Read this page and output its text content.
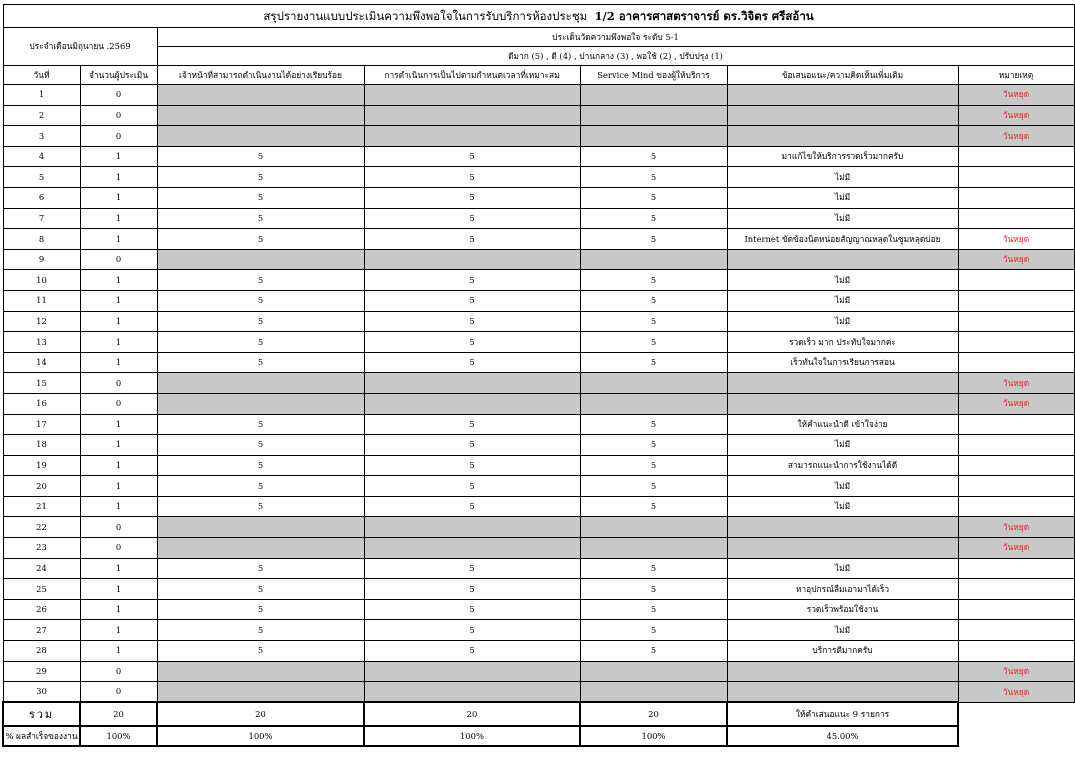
สรุปรายงานแบบประเมินความพึงพอใจในการรับบริการห้องประชุม 1/2 อาคารศาสตราจารย์ ดร.วิจิตร ศรีสอ้าน						
ประจำเดือนมิถุนายน .2569		ประเด็นวัดความพึงพอใจ ระดับ 5-1				
		ดีมาก (5) , ดี (4) , ปานกลาง (3) , พอใช้ (2) , ปรับปรุง (1)				
วันที่	จำนวนผู้ประเมิน	เจ้าหน้าที่สามารถดำเนินงานได้อย่างเรียบร้อย	การดำเนินการเป็นไปตามกำหนดเวลาที่เหมาะสม	Service Mind ของผู้ให้บริการ	ข้อเสนอแนะ/ความคิดเห็นเพิ่มเติม	หมายเหตุ
1	0					วันหยุด
2	0					วันหยุด
3	0					วันหยุด
4	1	5	5	5	มาแก้ไขให้บริการรวดเร็วมากครับ	
5	1	5	5	5	ไม่มี	
6	1	5	5	5	ไม่มี	
7	1	5	5	5	ไม่มี	
8	1	5	5	5	Internet ขัดข้องนิดหน่อยสัญญาณหลุดในซูมหลุดบ่อย	วันหยุด
9	0					วันหยุด
10	1	5	5	5	ไม่มี	
11	1	5	5	5	ไม่มี	
12	1	5	5	5	ไม่มี	
13	1	5	5	5	รวดเร็ว มาก ประทับใจมากค่ะ	
14	1	5	5	5	เร็วทันใจในการเรียนการสอน	
15	0					วันหยุด
16	0					วันหยุด
17	1	5	5	5	ให้คำแนะนำดี เข้าใจง่าย	
18	1	5	5	5	ไม่มี	
19	1	5	5	5	สามารถแนะนำการใช้งานได้ดี	
20	1	5	5	5	ไม่มี	
21	1	5	5	5	ไม่มี	
22	0					วันหยุด
23	0					วันหยุด
24	1	5	5	5	ไม่มี	
25	1	5	5	5	หาอุปกรณ์ลืมเอามาได้เร็ว	
26	1	5	5	5	รวดเร็วพร้อมใช้งาน	
27	1	5	5	5	ไม่มี	
28	1	5	5	5	บริการดีมากครับ	
29	0					วันหยุด
30	0					วันหยุด
รวม	20	20	20	20	ให้คำเสนอแนะ 9 รายการ	
% ผลสำเร็จของงาน	100%	100%	100%	100%	45.00%	
